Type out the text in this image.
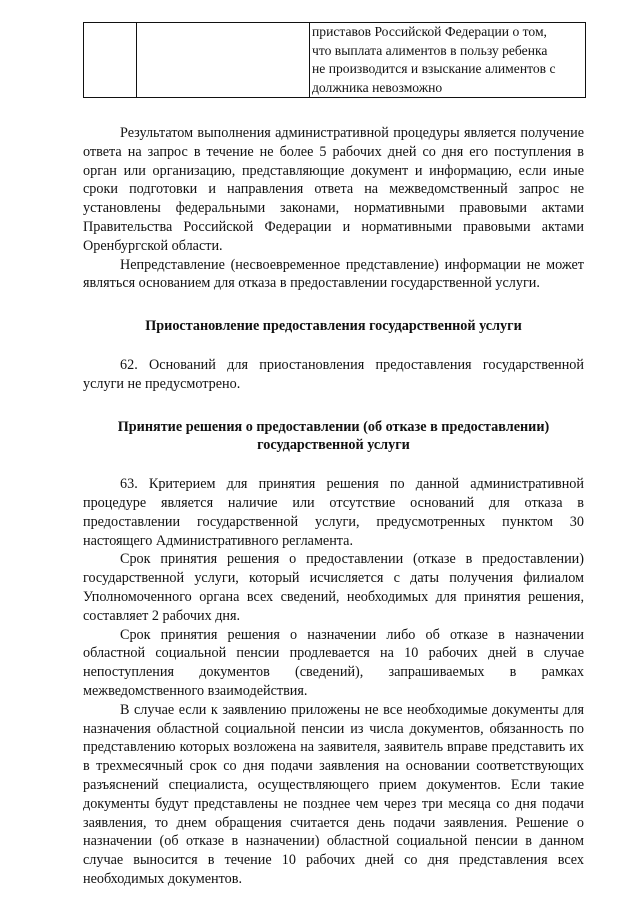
приставов Российской Федерации о том,
что выплата алиментов в пользу ребенка
не производится и взыскание алиментов с
должника невозможно

Результатом выполнения административной процедуры является получение ответа на запрос в течение не более 5 рабочих дней со дня его поступления в орган или организацию, представляющие документ и информацию, если иные сроки подготовки и направления ответа на межведомственный запрос не установлены федеральными законами, нормативными правовыми актами Правительства Российской Федерации и нормативными правовыми актами Оренбургской области.

Непредставление (несвоевременное представление) информации не может являться основанием для отказа в предоставлении государственной услуги.

Приостановление предоставления государственной услуги

62. Оснований для приостановления предоставления государственной услуги не предусмотрено.

Принятие решения о предоставлении (об отказе в предоставлении)
государственной услуги

63. Критерием для принятия решения по данной административной процедуре является наличие или отсутствие оснований для отказа в предоставлении государственной услуги, предусмотренных пунктом 30 настоящего Административного регламента.

Срок принятия решения о предоставлении (отказе в предоставлении) государственной услуги, который исчисляется с даты получения филиалом Уполномоченного органа всех сведений, необходимых для принятия решения, составляет 2 рабочих дня.

Срок принятия решения о назначении либо об отказе в назначении областной социальной пенсии продлевается на 10 рабочих дней в случае непоступления документов (сведений), запрашиваемых в рамках межведомственного взаимодействия.

В случае если к заявлению приложены не все необходимые документы для назначения областной социальной пенсии из числа документов, обязанность по представлению которых возложена на заявителя, заявитель вправе представить их в трехмесячный срок со дня подачи заявления на основании соответствующих разъяснений специалиста, осуществляющего прием документов. Если такие документы будут представлены не позднее чем через три месяца со дня подачи заявления, то днем обращения считается день подачи заявления. Решение о назначении (об отказе в назначении) областной социальной пенсии в данном случае выносится в течение 10 рабочих дней со дня представления всех необходимых документов.
